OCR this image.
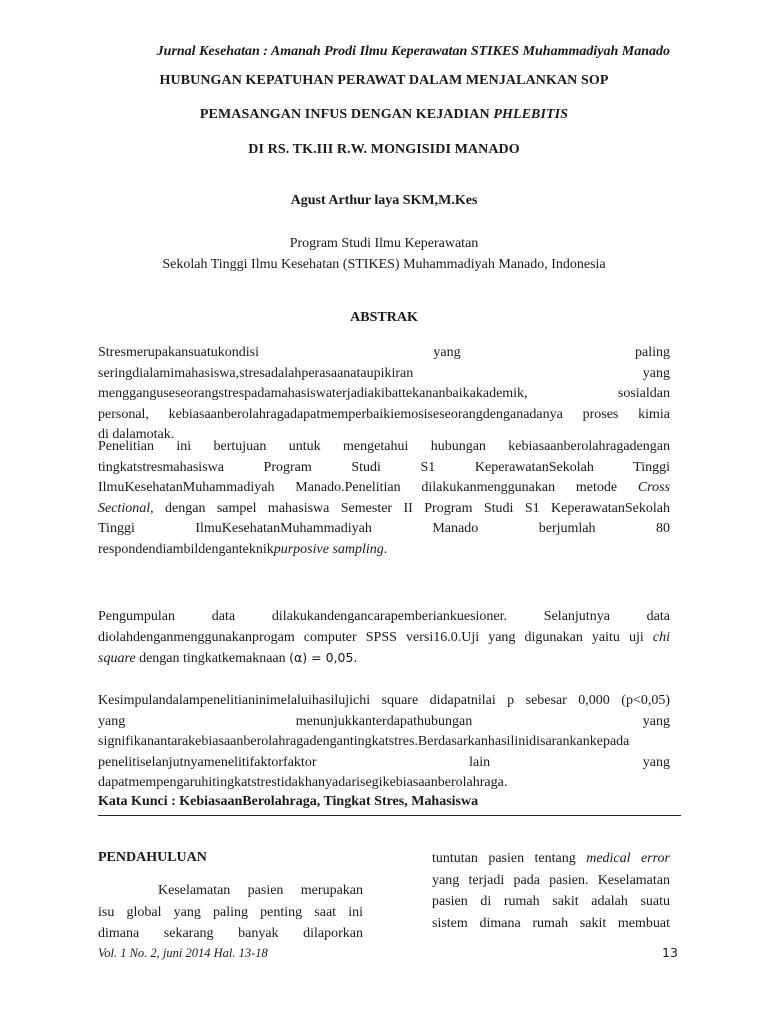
Jurnal Kesehatan : Amanah Prodi Ilmu Keperawatan STIKES Muhammadiyah Manado
HUBUNGAN KEPATUHAN PERAWAT DALAM MENJALANKAN SOP
PEMASANGAN INFUS DENGAN KEJADIAN PHLEBITIS
DI RS. TK.III R.W. MONGISIDI MANADO
Agust Arthur laya SKM,M.Kes
Program Studi Ilmu Keperawatan
Sekolah Tinggi Ilmu Kesehatan (STIKES) Muhammadiyah Manado, Indonesia
ABSTRAK
Stresmerupakansuatukondisi yang paling
seringdialamimahasiswa,stresadalahperasaanataupikiran yang
mengganguseseorangstrespadamahasiswaterjadiakibattekananbaikakademik, sosialdan
personal, kebiasaanberolahragadapatmemperbaikiemosiseseorangdenganadanya proses kimia
di dalamotak.
Penelitian ini bertujuan untuk mengetahui hubungan kebiasaanberolahragadengan
tingkatstresmahasiswa Program Studi S1 KeperawatanSekolah Tinggi
IlmuKesehatanMuhammadiyah Manado.Penelitian dilakukanmenggunakan metode Cross
Sectional, dengan sampel mahasiswa Semester II Program Studi S1 KeperawatanSekolah
Tinggi IlmuKesehatanMuhammadiyah Manado berjumlah 80
respondendiambildenganteknikpurposive sampling.
Pengumpulan data dilakukandengancarapemberiankuesioner. Selanjutnya data
diolahdenganmenggunakanprogam computer SPSS versi16.0.Uji yang digunakan yaitu uji chi
square dengan tingkatkemaknaan (α) = 0,05.
Kesimpulandalampenelitianinimelaluihasilujichi square didapatnilai p sebesar 0,000 (p<0,05)
yang menunjukkanterdapathubungan yang
signifikanantarakebiasaanberolahragadengantingkatstres.Berdasarkanhasilinidisarankankepada
penelitiselanjutnyamenelitifaktorfaktor lain yang
dapatmempengaruhitingkatstrestidakhanyadarisegikebiasaanberolahraga.
Kata Kunci : KebiasaanBerolahraga, Tingkat Stres, Mahasiswa
PENDAHULUAN
Keselamatan pasien merupakan
isu global yang paling penting saat ini
dimana sekarang banyak dilaporkan
tuntutan pasien tentang medical error
yang terjadi pada pasien. Keselamatan
pasien di rumah sakit adalah suatu
sistem dimana rumah sakit membuat
Vol. 1 No. 2, juni 2014 Hal. 13-18	13
